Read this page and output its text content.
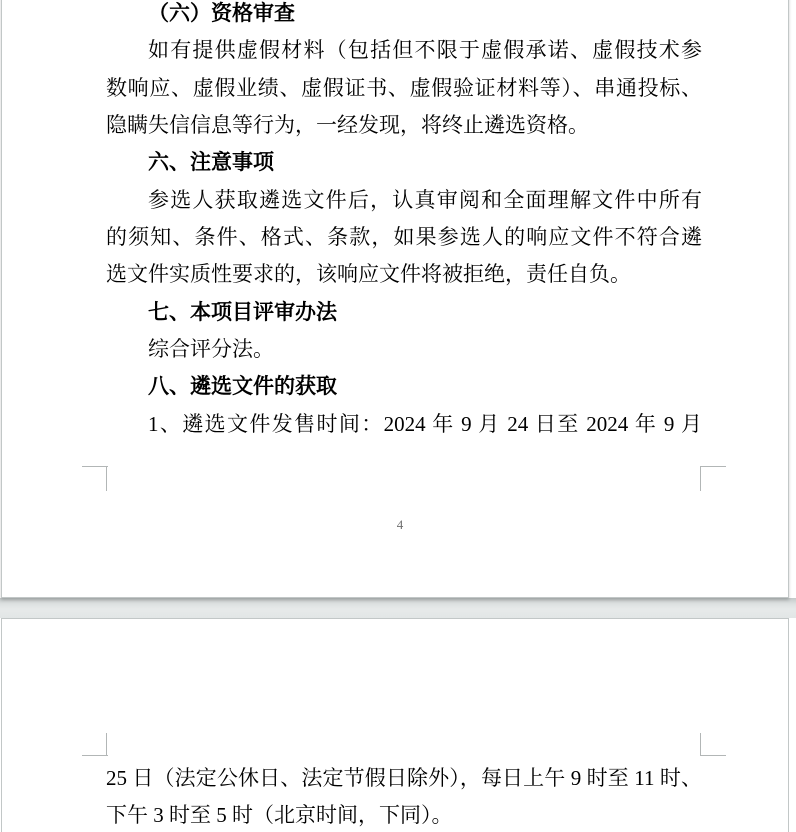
（六）资格审查
如有提供虚假材料（包括但不限于虚假承诺、虚假技术参
数响应、虚假业绩、虚假证书、虚假验证材料等）、串通投标、
隐瞒失信信息等行为，一经发现，将终止遴选资格。
六、注意事项
参选人获取遴选文件后，认真审阅和全面理解文件中所有
的须知、条件、格式、条款，如果参选人的响应文件不符合遴
选文件实质性要求的，该响应文件将被拒绝，责任自负。
七、本项目评审办法
综合评分法。
八、遴选文件的获取
1、遴选文件发售时间：2024 年 9 月 24 日至 2024 年 9 月
4
25 日（法定公休日、法定节假日除外），每日上午 9 时至 11 时、
下午 3 时至 5 时（北京时间，下同）。
